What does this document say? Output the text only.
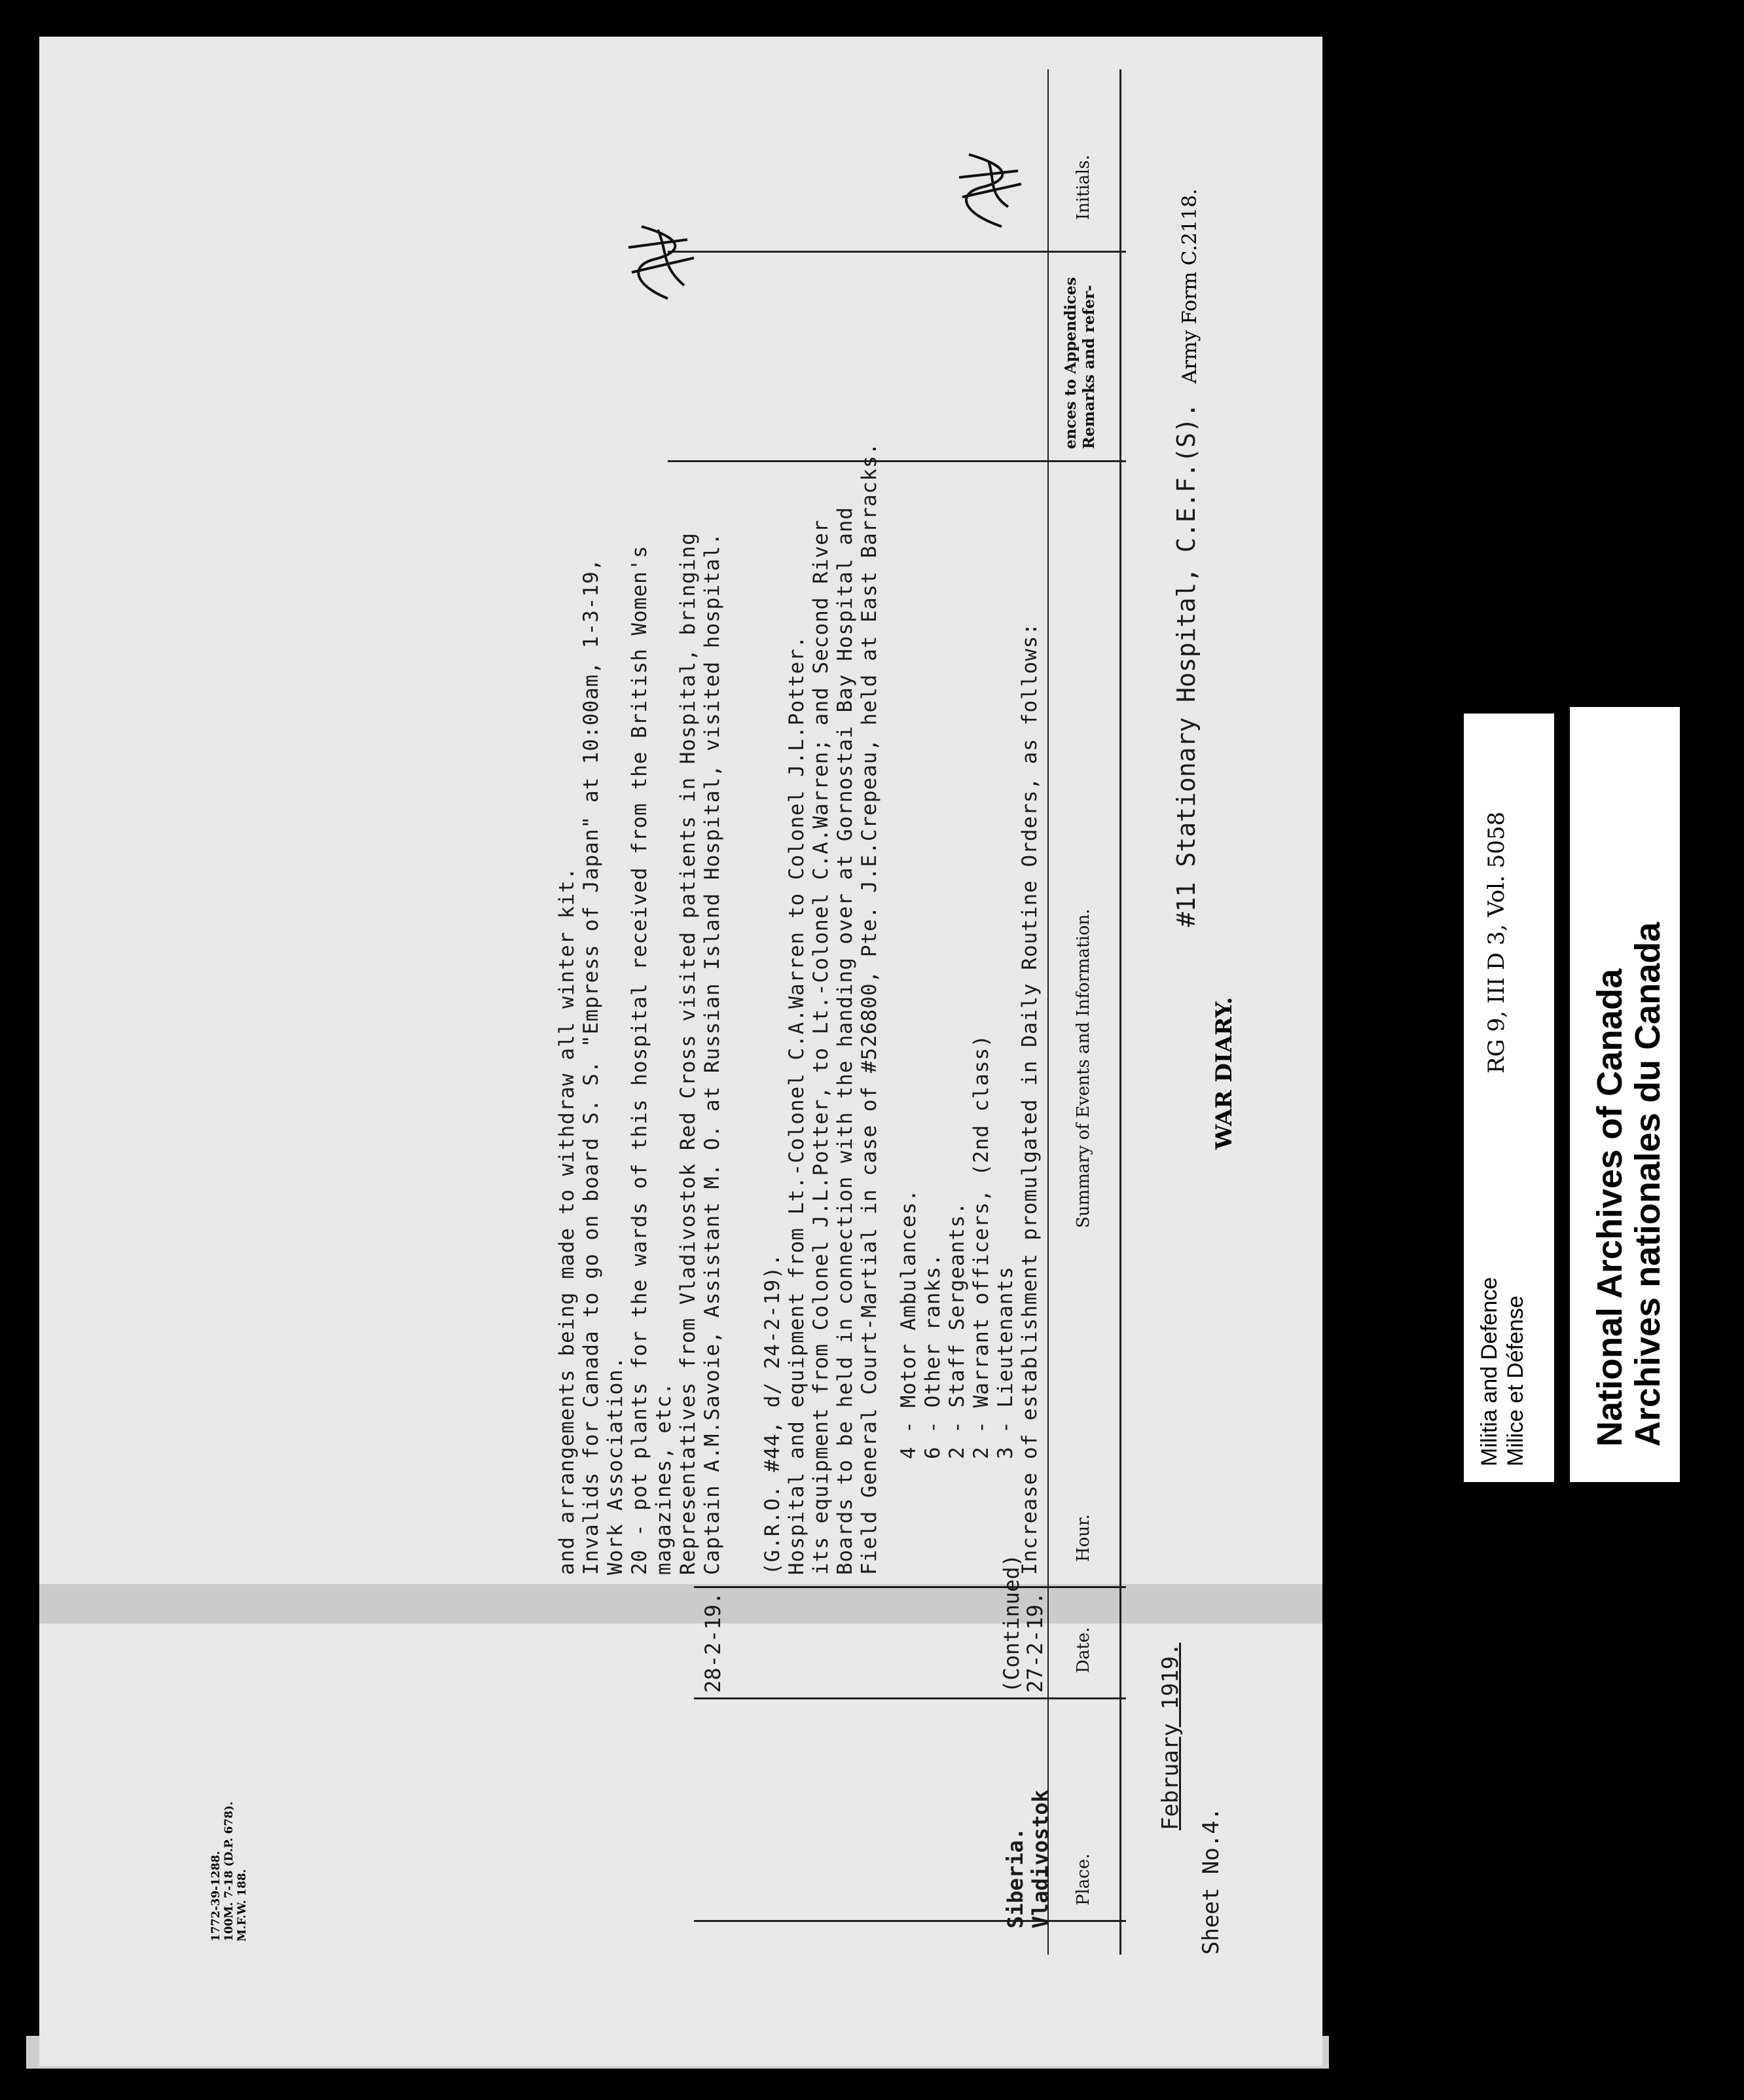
Sheet No.4.
February 1919.
WAR DIARY.
#11 Stationary Hospital, C.E.F.(S).
Army Form C.2118.
Place.
Date.
Hour.
Summary of Events and Information.
Remarks and refer-
ences to Appendices
Initials.
Vladivostok
Siberia.
27-2-19.
(Continued)
Increase of establishment promulgated in Daily Routine Orders, as follows:
3 - Lieutenants
2 - Warrant officers, (2nd class)
2 - Staff Sergeants.
6 - Other ranks.
4 - Motor Ambulances.
Field General Court-Martial in case of #526800, Pte. J.E.Crepeau, held at East Barracks.
Boards to be held in connection with the handing over at Gornostai Bay Hospital and
its equipment from Colonel J.L.Potter, to Lt.-Colonel C.A.Warren; and Second River
Hospital and equipment from Lt.-Colonel C.A.Warren to Colonel J.L.Potter.
(G.R.O. #44, d/ 24-2-19).
28-2-19.
Captain A.M.Savoie, Assistant M. O. at Russian Island Hospital, visited hospital.
Representatives from Vladivostok Red Cross visited patients in Hospital, bringing
magazines, etc.
20 - pot plants for the wards of this hospital received from the British Women's
Work Association.
Invalids for Canada to go on board S. S. "Empress of Japan" at 10:00am, 1-3-19,
and arrangements being made to withdraw all winter kit.
M.F.W. 188.
100M. 7-18 (D.P. 678).
1772-39-1288.
Militia and Defence Milice et Défense
RG 9, III D 3, Vol. 5058
National Archives of Canada
Archives nationales du Canada
